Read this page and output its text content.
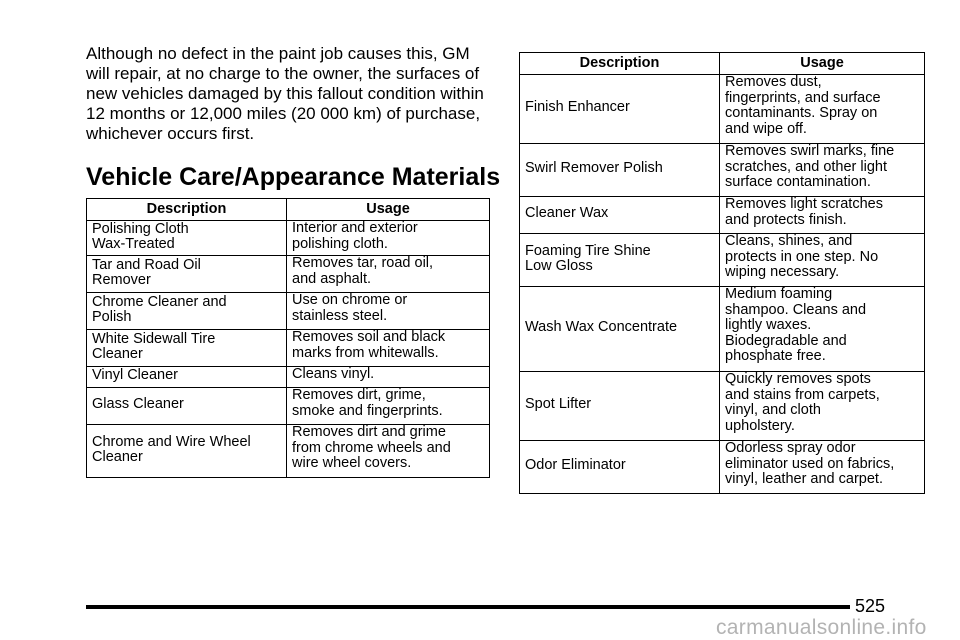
Although no defect in the paint job causes this, GM will repair, at no charge to the owner, the surfaces of new vehicles damaged by this fallout condition within 12 months or 12,000 miles (20 000 km) of purchase, whichever occurs first.

Vehicle Care/Appearance Materials
Description	Usage
Polishing Cloth
Wax-Treated	Interior and exterior
polishing cloth.
Tar and Road Oil
Remover	Removes tar, road oil,
and asphalt.
Chrome Cleaner and
Polish	Use on chrome or
stainless steel.
White Sidewall Tire
Cleaner	Removes soil and black
marks from whitewalls.
Vinyl Cleaner	Cleans vinyl.
Glass Cleaner	Removes dirt, grime,
smoke and fingerprints.
Chrome and Wire Wheel
Cleaner	Removes dirt and grime
from chrome wheels and
wire wheel covers.
Description	Usage
Finish Enhancer	Removes dust,
fingerprints, and surface
contaminants. Spray on
and wipe off.
Swirl Remover Polish	Removes swirl marks, fine
scratches, and other light
surface contamination.
Cleaner Wax	Removes light scratches
and protects finish.
Foaming Tire Shine
Low Gloss	Cleans, shines, and
protects in one step. No
wiping necessary.
Wash Wax Concentrate	Medium foaming
shampoo. Cleans and
lightly waxes.
Biodegradable and
phosphate free.
Spot Lifter	Quickly removes spots
and stains from carpets,
vinyl, and cloth
upholstery.
Odor Eliminator	Odorless spray odor
eliminator used on fabrics,
vinyl, leather and carpet.
525
carmanualsonline.info
